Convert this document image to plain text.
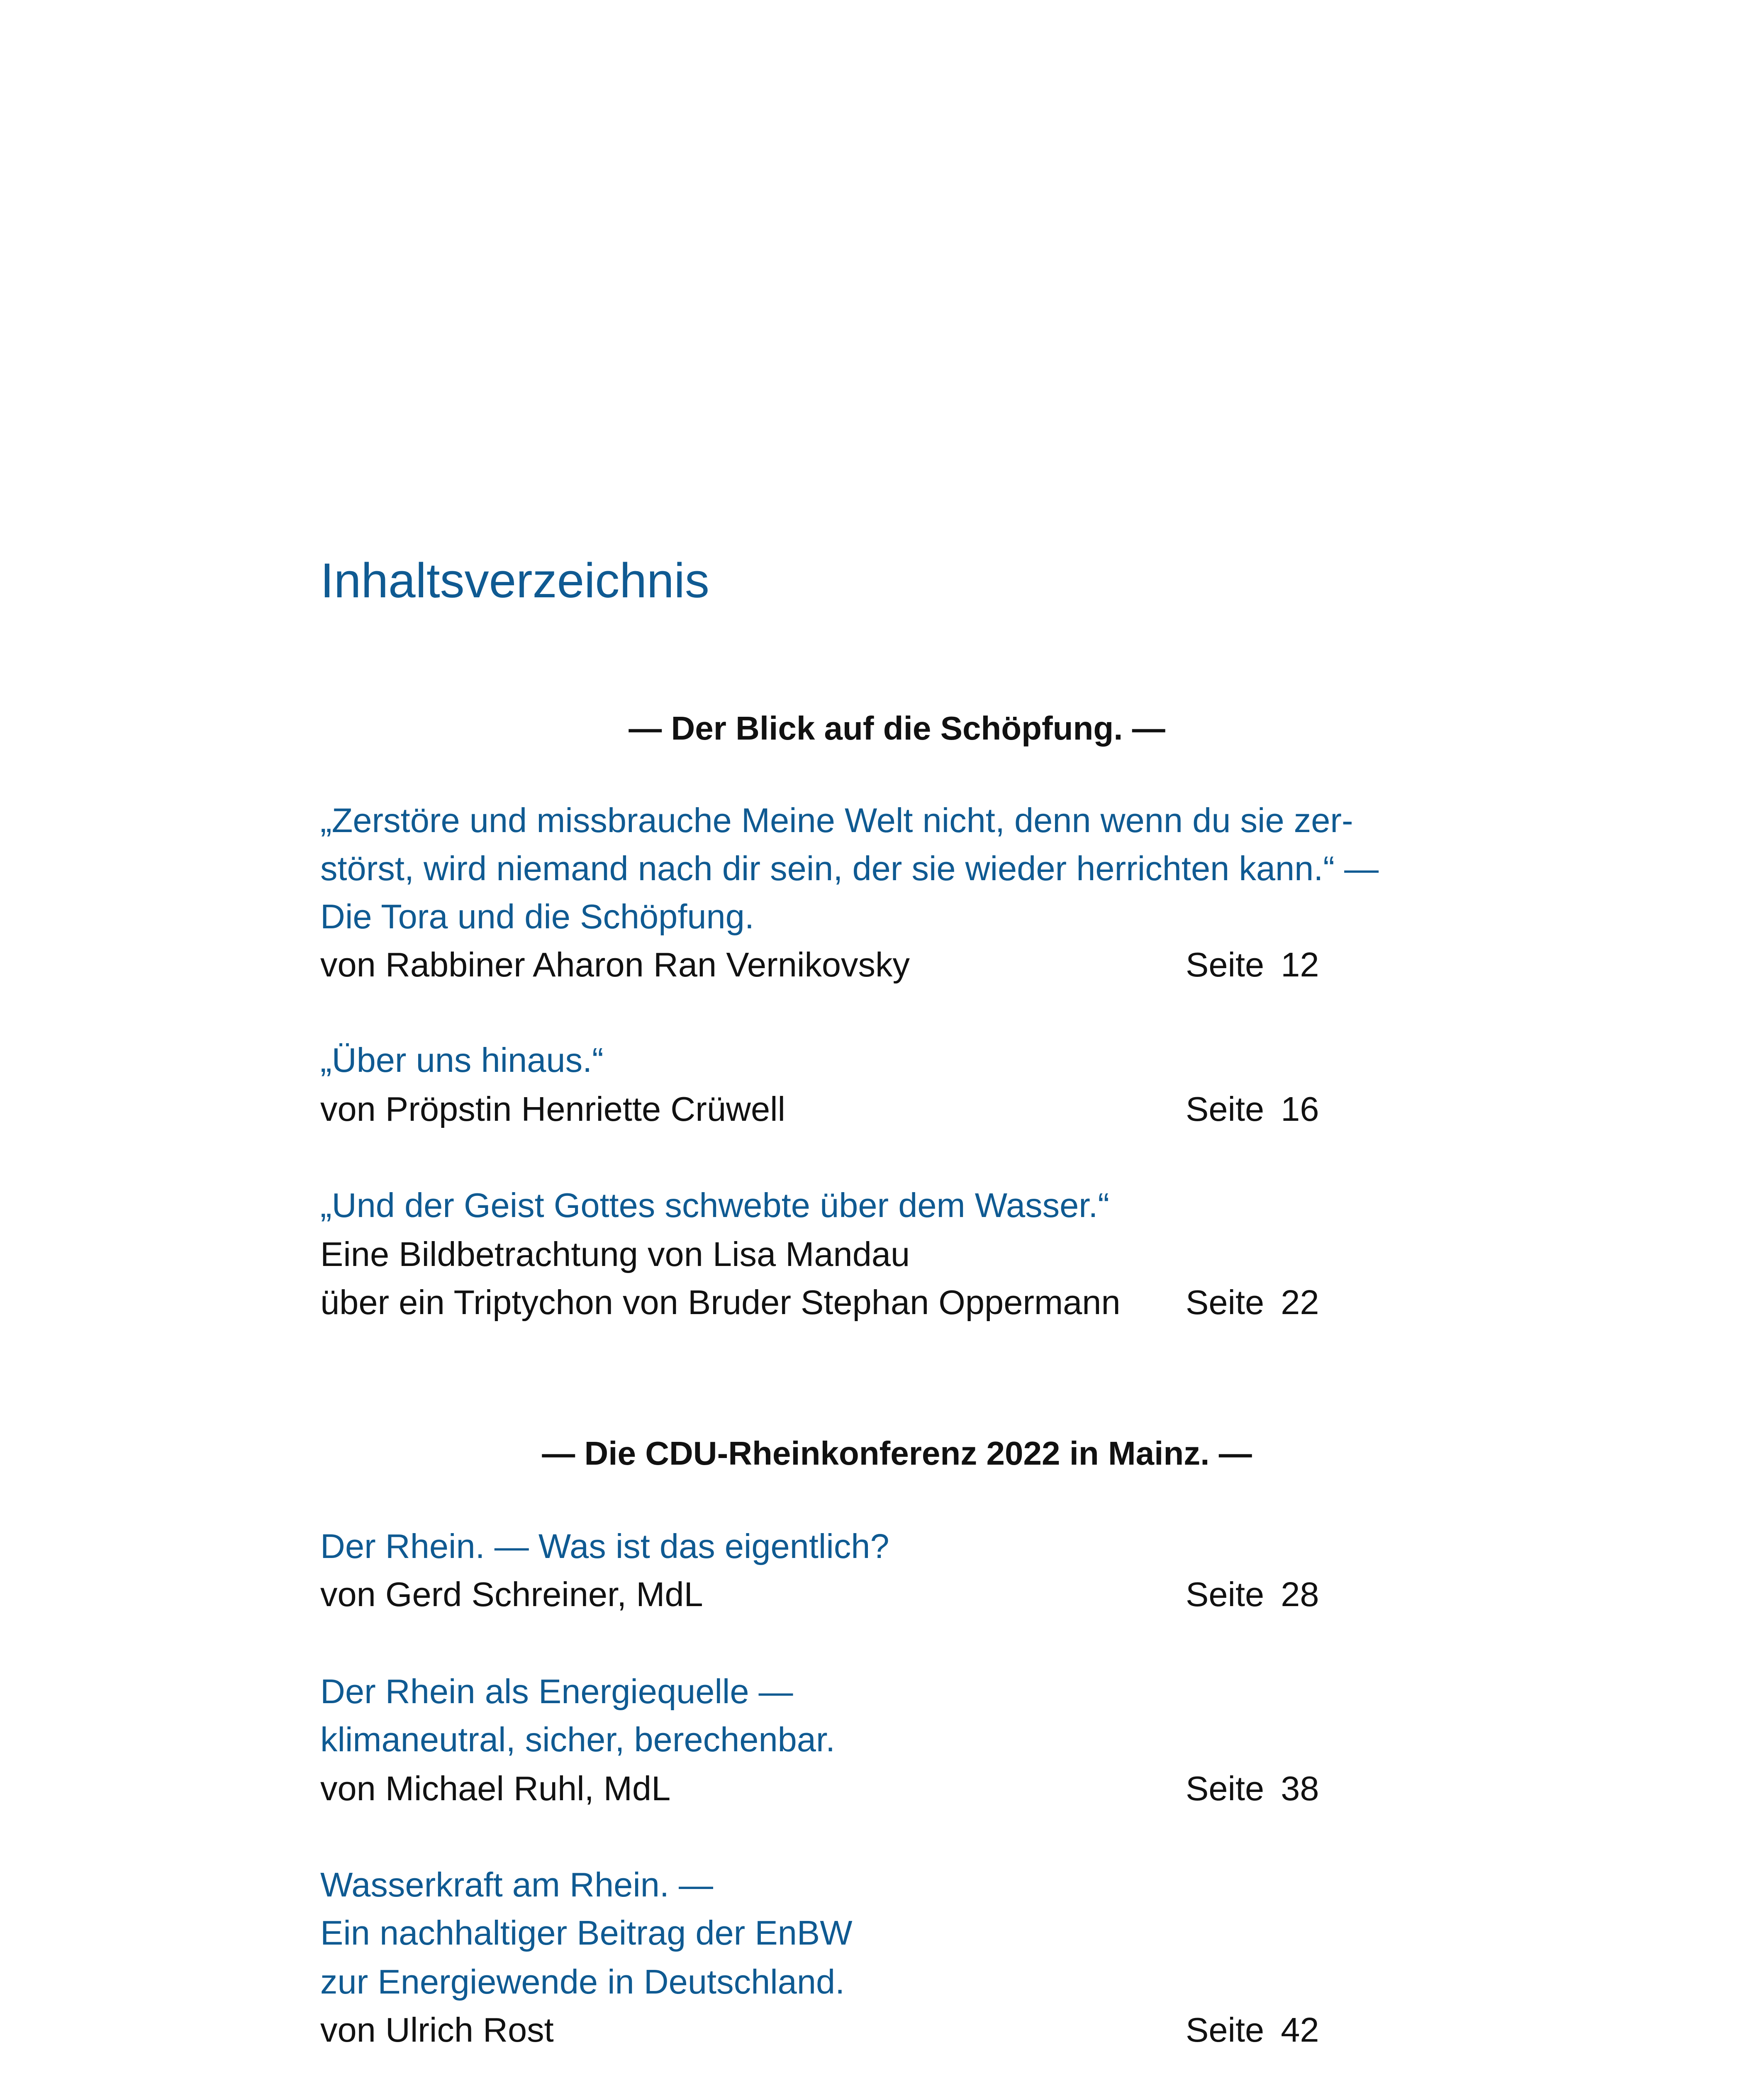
Inhaltsverzeichnis
— Der Blick auf die Schöpfung. —
„Zerstöre und missbrauche Meine Welt nicht, denn wenn du sie zer-
störst, wird niemand nach dir sein, der sie wieder herrichten kann.“ —
Die Tora und die Schöpfung.
von Rabbiner Aharon Ran Vernikovsky	Seite 12
„Über uns hinaus.“
von Pröpstin Henriette Crüwell	Seite 16
„Und der Geist Gottes schwebte über dem Wasser.“
Eine Bildbetrachtung von Lisa Mandau
über ein Triptychon von Bruder Stephan Oppermann Seite 22
— Die CDU-Rheinkonferenz 2022 in Mainz. —
Der Rhein. — Was ist das eigentlich?
von Gerd Schreiner, MdL	Seite 28
Der Rhein als Energiequelle —
klimaneutral, sicher, berechenbar.
von Michael Ruhl, MdL	Seite 38
Wasserkraft am Rhein. —
Ein nachhaltiger Beitrag der EnBW
zur Energiewende in Deutschland.
von Ulrich Rost	Seite 42
